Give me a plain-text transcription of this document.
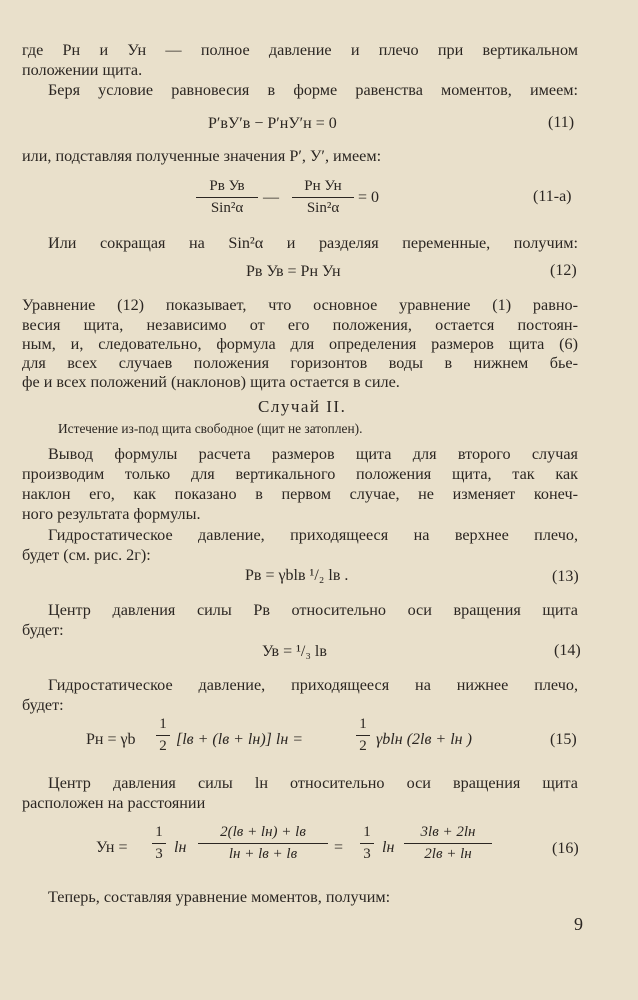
где Рн и Ун — полное давление и плечо при вертикальном
положении щита.
Беря условие равновесия в форме равенства моментов, имеем:
Р′вУ′в − Р′нУ′н = 0	(11)
или, подставляя полученные значения Р′, У′, имеем:
Рв Ув
Sin²α
—
Рн Ун
Sin²α
= 0	(11-а)
Или сокращая на Sin²α и разделяя переменные, получим:
Рв Ув = Рн Ун	(12)
Уравнение (12) показывает, что основное уравнение (1) равно-
весия щита, независимо от его положения, остается постоян-
ным, и, следовательно, формула для определения размеров щита (6)
для всех случаев положения горизонтов воды в нижнем бье-
фе и всех положений (наклонов) щита остается в силе.
Случай II.
Истечение из-под щита свободное (щит не затоплен).
Вывод формулы расчета размеров щита для второго случая
производим только для вертикального положения щита, так как
наклон его, как показано в первом случае, не изменяет конеч-
ного результата формулы.
Гидростатическое давление, приходящееся на верхнее плечо,
будет (см. рис. 2г):
Рв = γblв ¹/₂ lв .	(13)
Центр давления силы Рв относительно оси вращения щита
будет:
Ув = ¹/₃ lв	(14)
Гидростатическое давление, приходящееся на нижнее плечо,
будет:
Рн = γb
1
2 [lв + (lв + lн)] lн =
1
2 γblн (2lв + lн )	(15)
Центр давления силы lн относительно оси вращения щита
расположен на расстоянии
Ун =
1
3 lн
2(lв + lн) + lв
lн + lв + lв	=
1
3 lн
3lв + 2lн
2lв + lн	(16)
Теперь, составляя уравнение моментов, получим:
9
